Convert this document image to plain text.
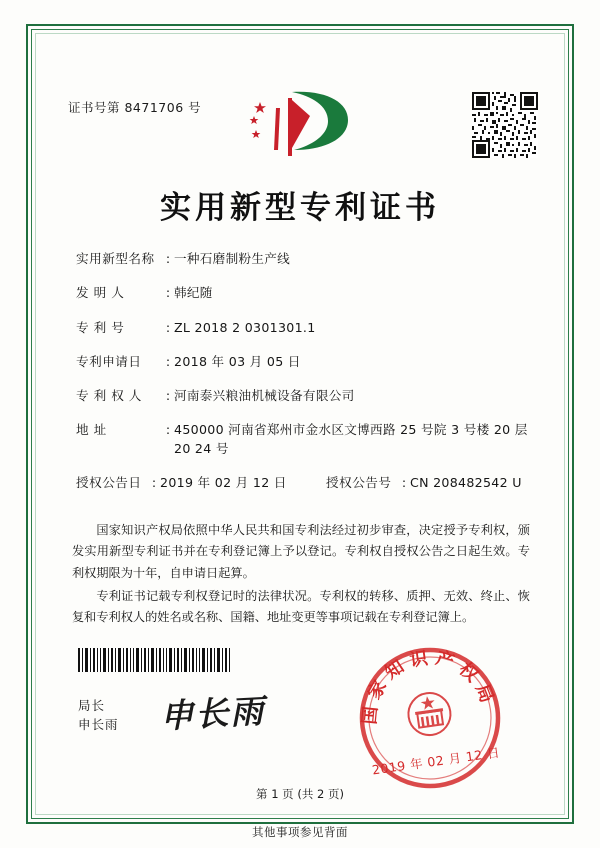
证书号第 8471706 号
实用新型专利证书
实用新型名称 : 一种石磨制粉生产线
发 明 人	: 韩纪随
专 利 号	: ZL 2018 2 0301301.1
专利申请日	: 2018 年 03 月 05 日
专 利 权 人	: 河南泰兴粮油机械设备有限公司
地 址	: 450000 河南省郑州市金水区文博西路 25 号院 3 号楼 20 层 20 24 号
授权公告日 : 2019 年 02 月 12 日	授权公告号 : CN 208482542 U

国家知识产权局依照中华人民共和国专利法经过初步审查，决定授予专利权，颁发实用新型专利证书并在专利登记簿上予以登记。专利权自授权公告之日起生效。专利权期限为十年，自申请日起算。

专利证书记载专利权登记时的法律状况。专利权的转移、质押、无效、终止、恢复和专利权人的姓名或名称、国籍、地址变更等事项记载在专利登记簿上。

局长
申长雨 申长雨	国家知识产权局
2019 年 02 月 12 日
第 1 页 (共 2 页)
其他事项参见背面
